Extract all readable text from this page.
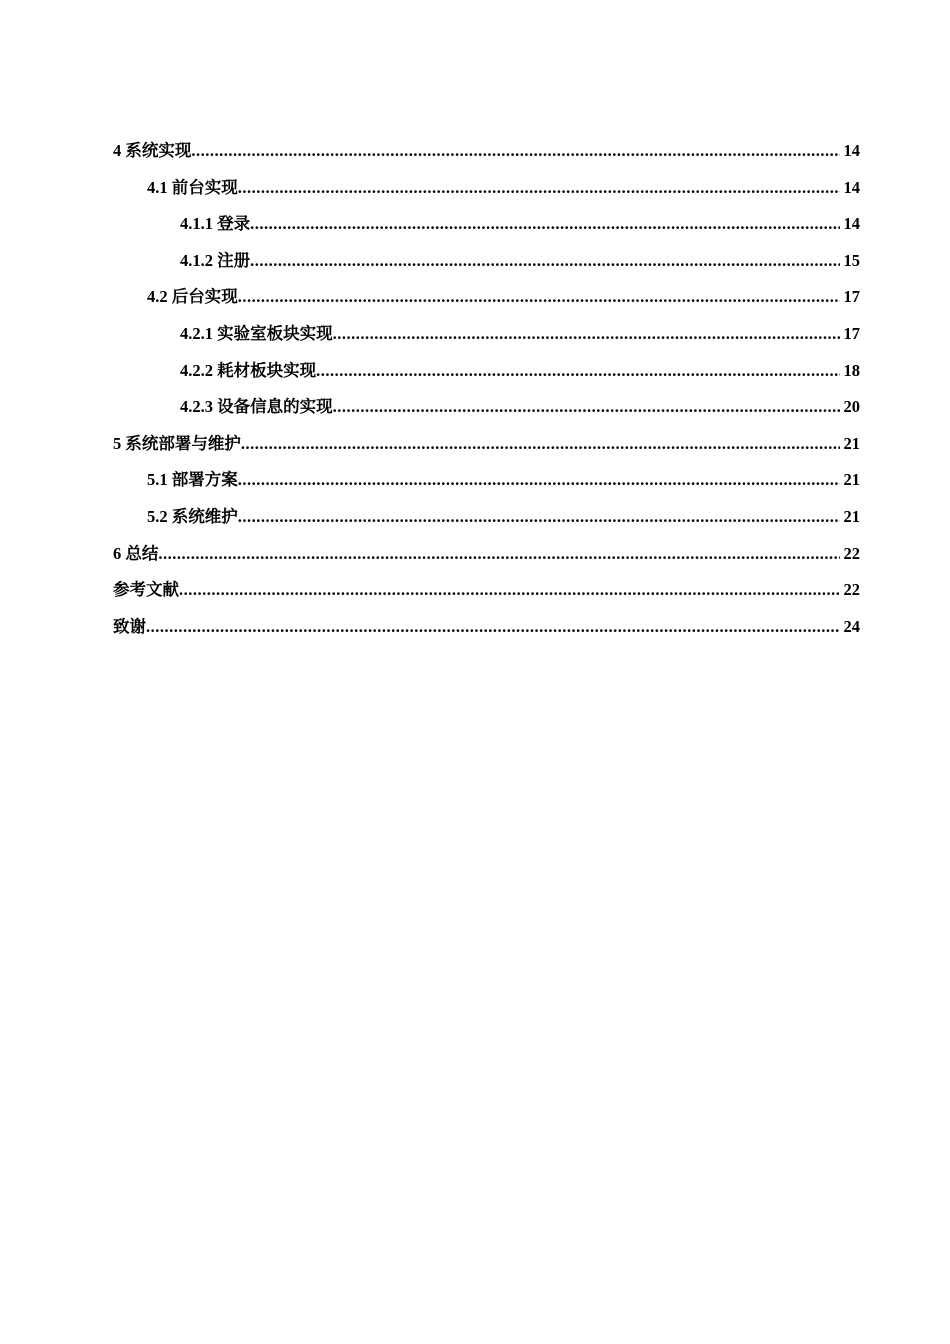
4 系统实现 .....	14
4.1 前台实现 .....	14
4.1.1 登录 .....	14
4.1.2 注册 .....	15
4.2 后台实现 .....	17
4.2.1 实验室板块实现 .....	17
4.2.2 耗材板块实现 .....	18
4.2.3 设备信息的实现 .....	20
5 系统部署与维护 .....	21
5.1 部署方案 .....	21
5.2 系统维护 .....	21
6 总结 .....	22
参考文献 .....	22
致谢 .....	24
